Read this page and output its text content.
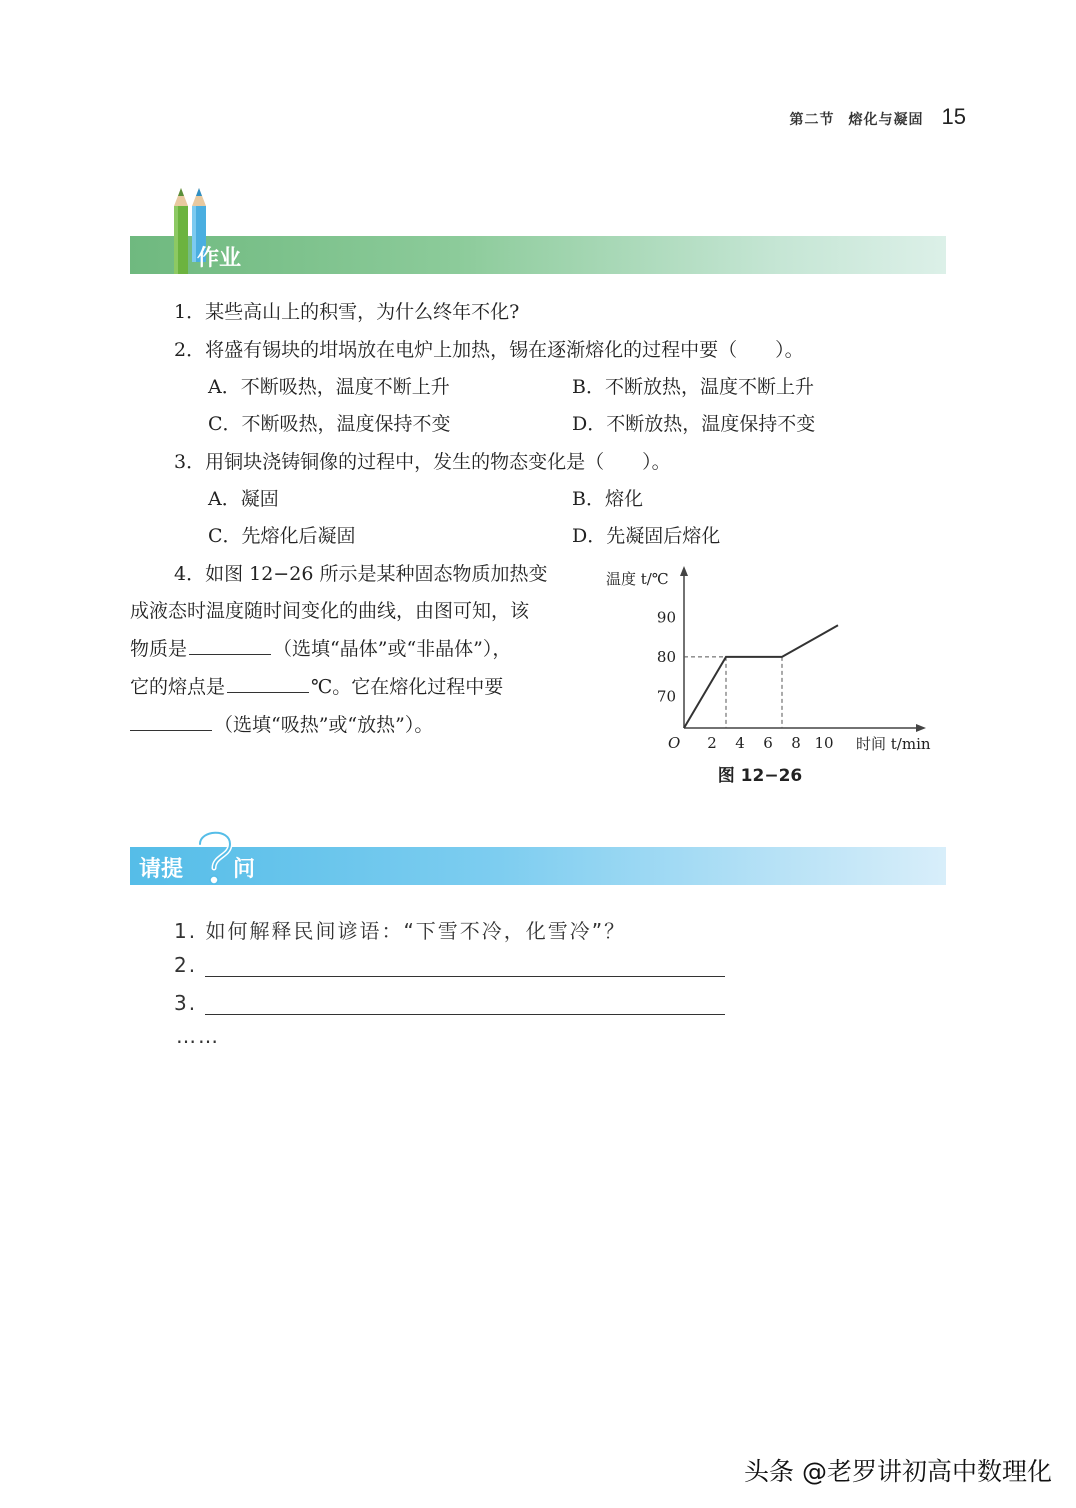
第二节 熔化与凝固 15
作业
1．某些高山上的积雪，为什么终年不化?
2．将盛有锡块的坩埚放在电炉上加热，锡在逐渐熔化的过程中要（　　）。
A．不断吸热，温度不断上升	B．不断放热，温度不断上升
C．不断吸热，温度保持不变	D．不断放热，温度保持不变
3．用铜块浇铸铜像的过程中，发生的物态变化是（　　）。
A．凝固	B．熔化
C．先熔化后凝固	D．先凝固后熔化
4．如图 12−26 所示是某种固态物质加热变
成液态时温度随时间变化的曲线，由图可知，该
物质是	（选填“晶体”或“非晶体”），
它的熔点是	℃。它在熔化过程中要
（选填“吸热”或“放热”）。
温度 t/℃
时间 t/min
O 2 4 6 8 10
70
80
90
图 12−26
请提 问
1. 如何解释民间谚语：“下雪不冷，化雪冷”？
2.
3.
……
头条 @老罗讲初高中数理化
